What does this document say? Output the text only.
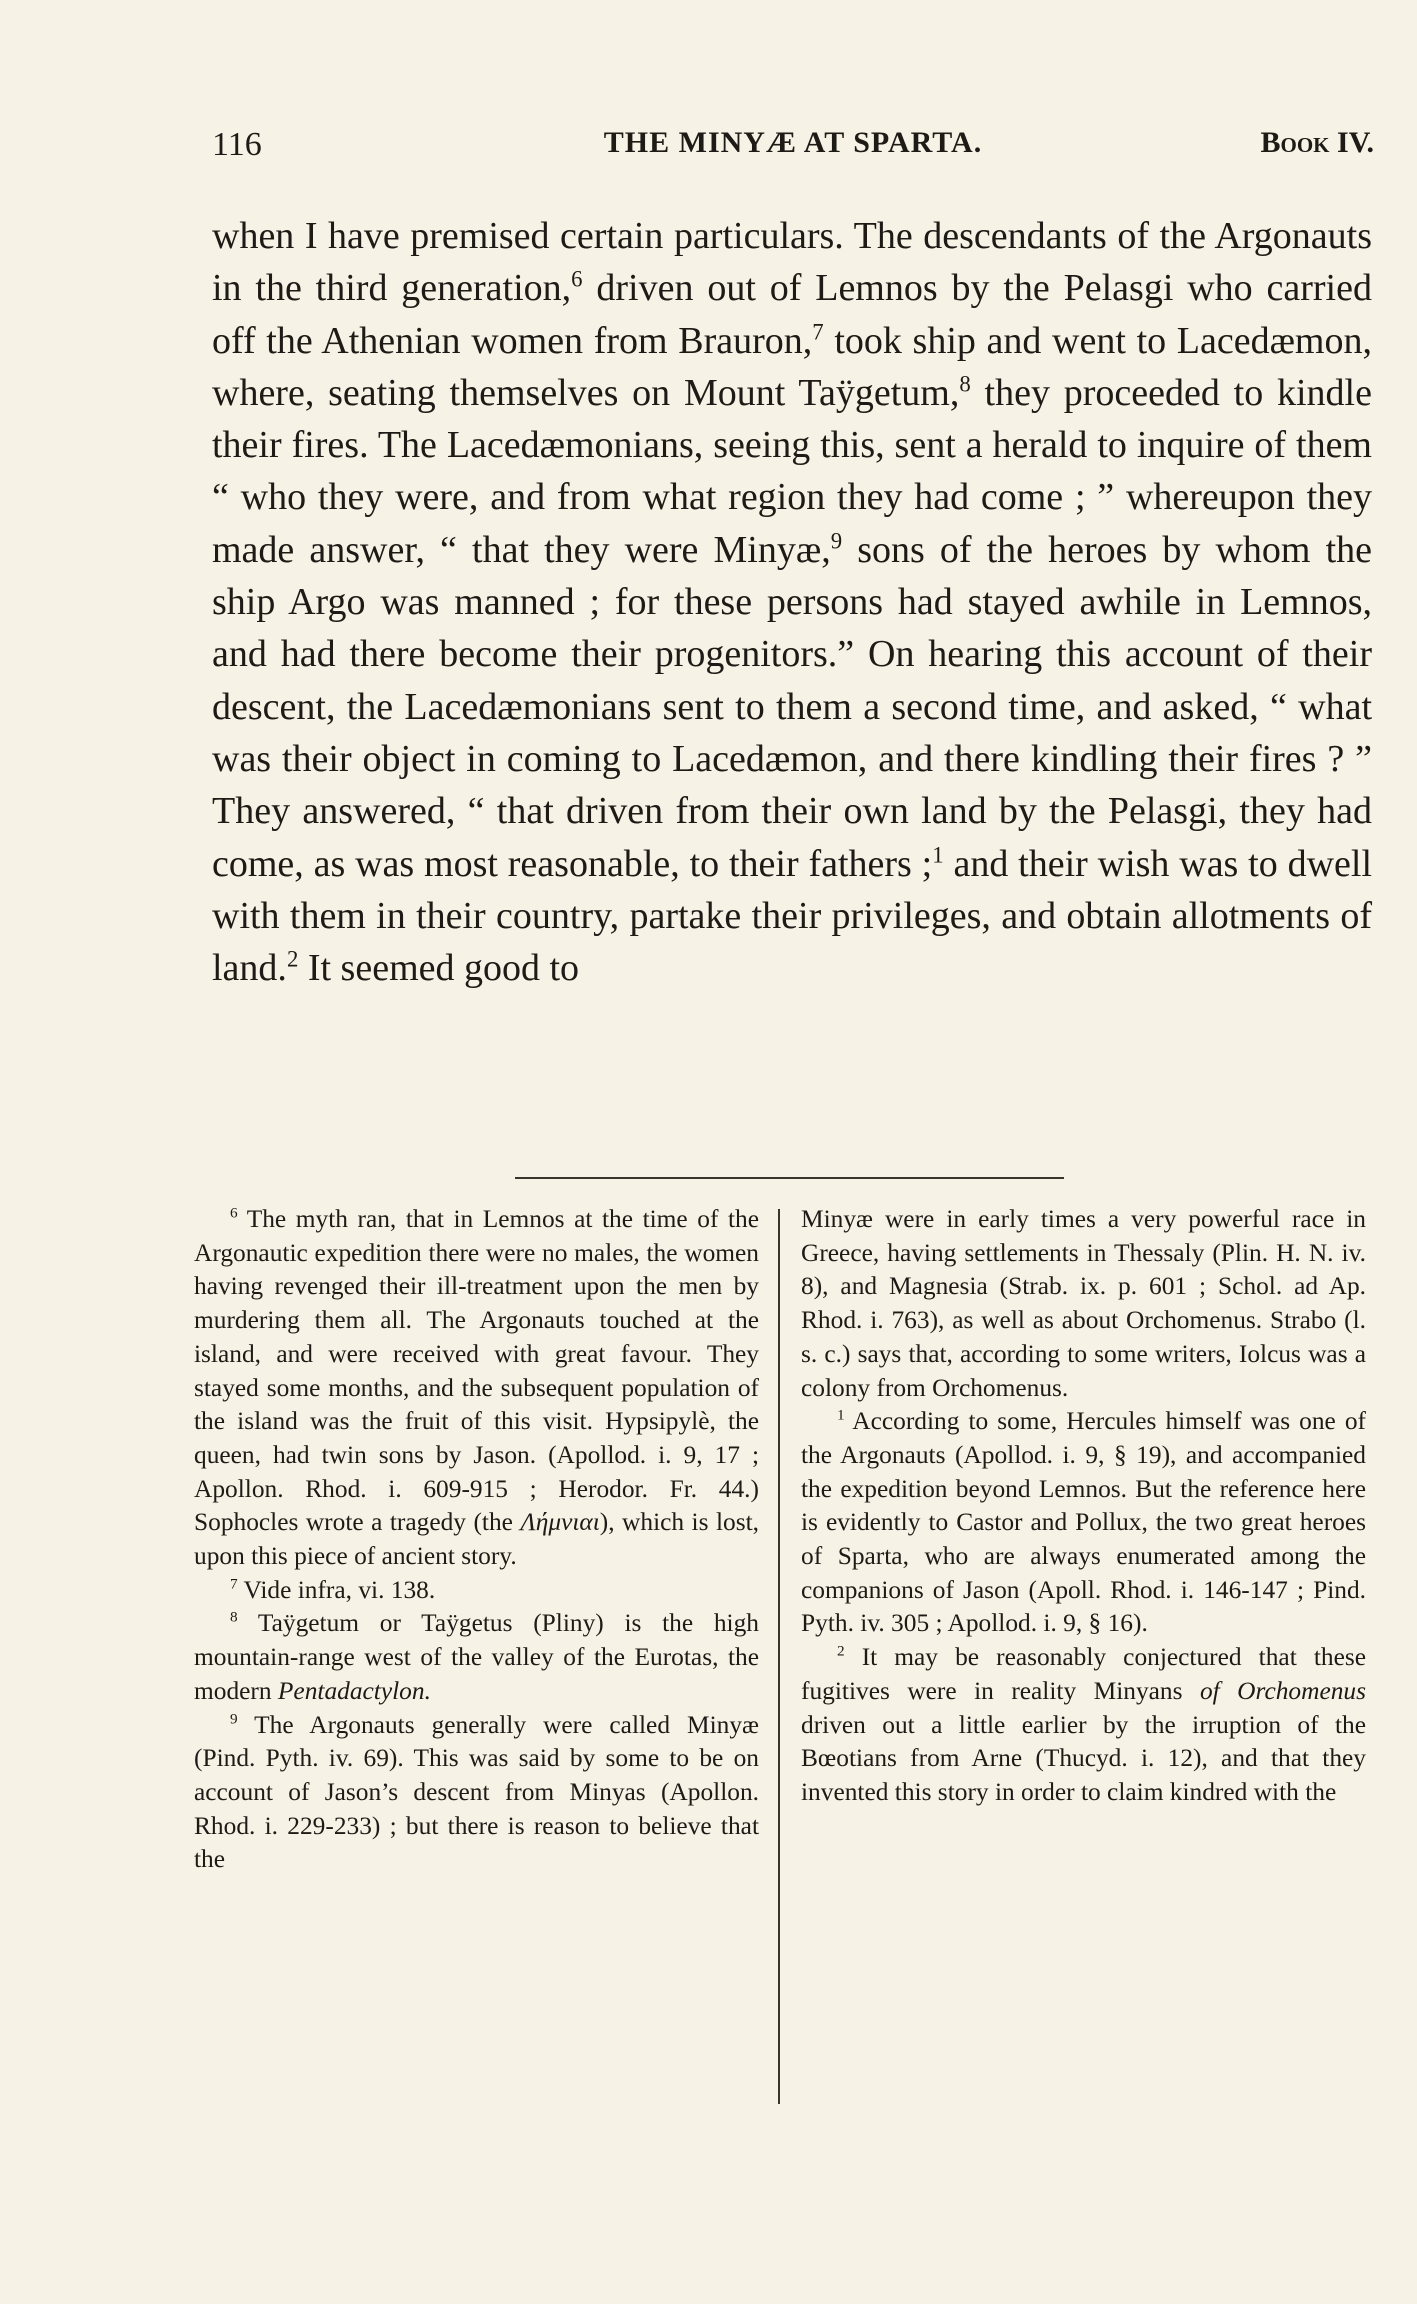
116	THE MINYÆ AT SPARTA.	Book IV.

when I have premised certain particulars. The descendants of the Argonauts in the third generation,$^6$ driven out of Lemnos by the Pelasgi who carried off the Athenian women from Brauron,$^7$ took ship and went to Lacedæmon, where, seating themselves on Mount Taÿgetum,$^8$ they proceeded to kindle their fires. The Lacedæmonians, seeing this, sent a herald to inquire of them “ who they were, and from what region they had come ; ” whereupon they made answer, “ that they were Minyæ,$^9$ sons of the heroes by whom the ship Argo was manned ; for these persons had stayed awhile in Lemnos, and had there become their progenitors.” On hearing this account of their descent, the Lacedæmonians sent to them a second time, and asked, “ what was their object in coming to Lacedæmon, and there kindling their fires ? ” They answered, “ that driven from their own land by the Pelasgi, they had come, as was most reasonable, to their fathers ;$^1$ and their wish was to dwell with them in their country, partake their privileges, and obtain allotments of land.$^2$ It seemed good to

$^6$ The myth ran, that in Lemnos at the time of the Argonautic expedition there were no males, the women having revenged their ill-treatment upon the men by murdering them all. The Argonauts touched at the island, and were received with great favour. They stayed some months, and the subsequent population of the island was the fruit of this visit. Hypsipylè, the queen, had twin sons by Jason. (Apollod. i. 9, 17 ; Apollon. Rhod. i. 609-915 ; Herodor. Fr. 44.) Sophocles wrote a tragedy (the Λήμνιαι), which is lost, upon this piece of ancient story.

$^7$ Vide infra, vi. 138.

$^8$ Taÿgetum or Taÿgetus (Pliny) is the high mountain-range west of the valley of the Eurotas, the modern Pentadactylon.

$^9$ The Argonauts generally were called Minyæ (Pind. Pyth. iv. 69). This was said by some to be on account of Jason’s descent from Minyas (Apollon. Rhod. i. 229-233) ; but there is reason to believe that the

Minyæ were in early times a very powerful race in Greece, having settlements in Thessaly (Plin. H. N. iv. 8), and Magnesia (Strab. ix. p. 601 ; Schol. ad Ap. Rhod. i. 763), as well as about Orchomenus. Strabo (l. s. c.) says that, according to some writers, Iolcus was a colony from Orchomenus.

$^1$ According to some, Hercules himself was one of the Argonauts (Apollod. i. 9, § 19), and accompanied the expedition beyond Lemnos. But the reference here is evidently to Castor and Pollux, the two great heroes of Sparta, who are always enumerated among the companions of Jason (Apoll. Rhod. i. 146-147 ; Pind. Pyth. iv. 305 ; Apollod. i. 9, § 16).

$^2$ It may be reasonably conjectured that these fugitives were in reality Minyans of Orchomenus driven out a little earlier by the irruption of the Bœotians from Arne (Thucyd. i. 12), and that they invented this story in order to claim kindred with the
